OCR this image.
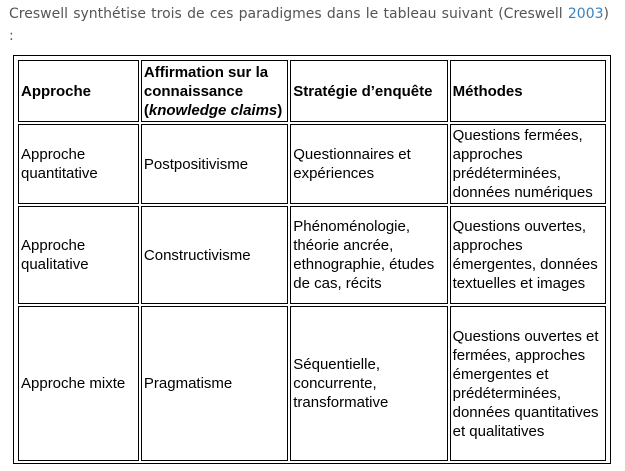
Creswell synthétise trois de ces paradigmes dans le tableau suivant (Creswell 2003) :
Approche	Affirmation sur la connaissance (knowledge claims)	Stratégie d’enquête	Méthodes
Approche quantitative	Postpositivisme	Questionnaires et expériences	Questions fermées, approches prédéterminées, données numériques
Approche qualitative	Constructivisme	Phénoménologie, théorie ancrée, ethnographie, études de cas, récits	Questions ouvertes, approches émergentes, données textuelles et images
Approche mixte	Pragmatisme	Séquentielle, concurrente, transformative	Questions ouvertes et fermées, approches émergentes et prédéterminées, données quantitatives et qualitatives
